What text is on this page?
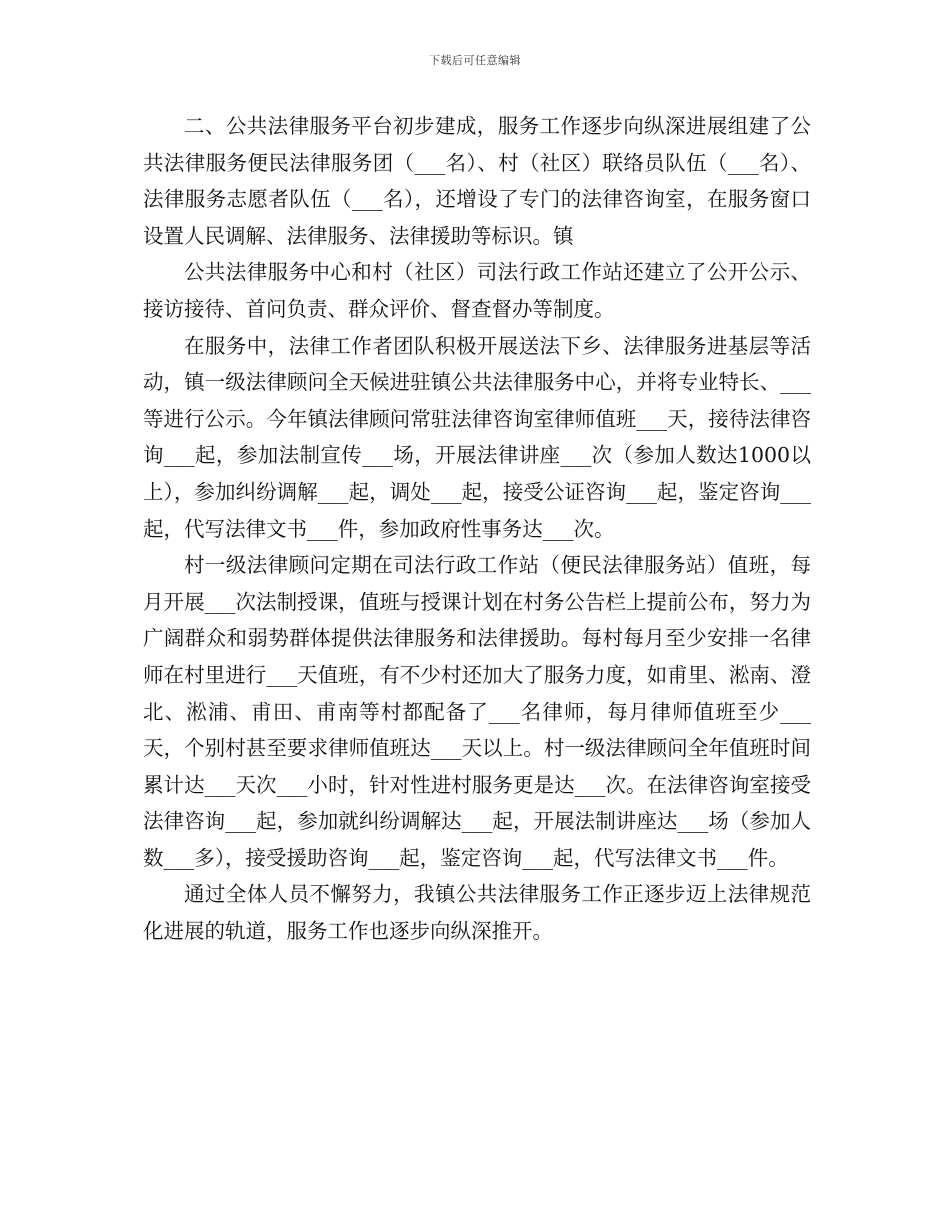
下载后可任意编辑

二、公共法律服务平台初步建成，服务工作逐步向纵深进展组建了公共法律服务便民法律服务团（___名）、村（社区）联络员队伍（___名）、法律服务志愿者队伍（___名），还增设了专门的法律咨询室，在服务窗口设置人民调解、法律服务、法律援助等标识。镇

公共法律服务中心和村（社区）司法行政工作站还建立了公开公示、接访接待、首问负责、群众评价、督查督办等制度。

在服务中，法律工作者团队积极开展送法下乡、法律服务进基层等活动，镇一级法律顾问全天候进驻镇公共法律服务中心，并将专业特长、___等进行公示。今年镇法律顾问常驻法律咨询室律师值班___天，接待法律咨询___起，参加法制宣传___场，开展法律讲座___次（参加人数达1000以上），参加纠纷调解___起，调处___起，接受公证咨询___起，鉴定咨询___起，代写法律文书___件，参加政府性事务达___次。

村一级法律顾问定期在司法行政工作站（便民法律服务站）值班，每月开展___次法制授课，值班与授课计划在村务公告栏上提前公布，努力为广阔群众和弱势群体提供法律服务和法律援助。每村每月至少安排一名律师在村里进行___天值班，有不少村还加大了服务力度，如甫里、淞南、澄北、淞浦、甫田、甫南等村都配备了___名律师，每月律师值班至少___天，个别村甚至要求律师值班达___天以上。村一级法律顾问全年值班时间累计达___天次___小时，针对性进村服务更是达___次。在法律咨询室接受法律咨询___起，参加就纠纷调解达___起，开展法制讲座达___场（参加人数___多），接受援助咨询___起，鉴定咨询___起，代写法律文书___件。

通过全体人员不懈努力，我镇公共法律服务工作正逐步迈上法律规范化进展的轨道，服务工作也逐步向纵深推开。
